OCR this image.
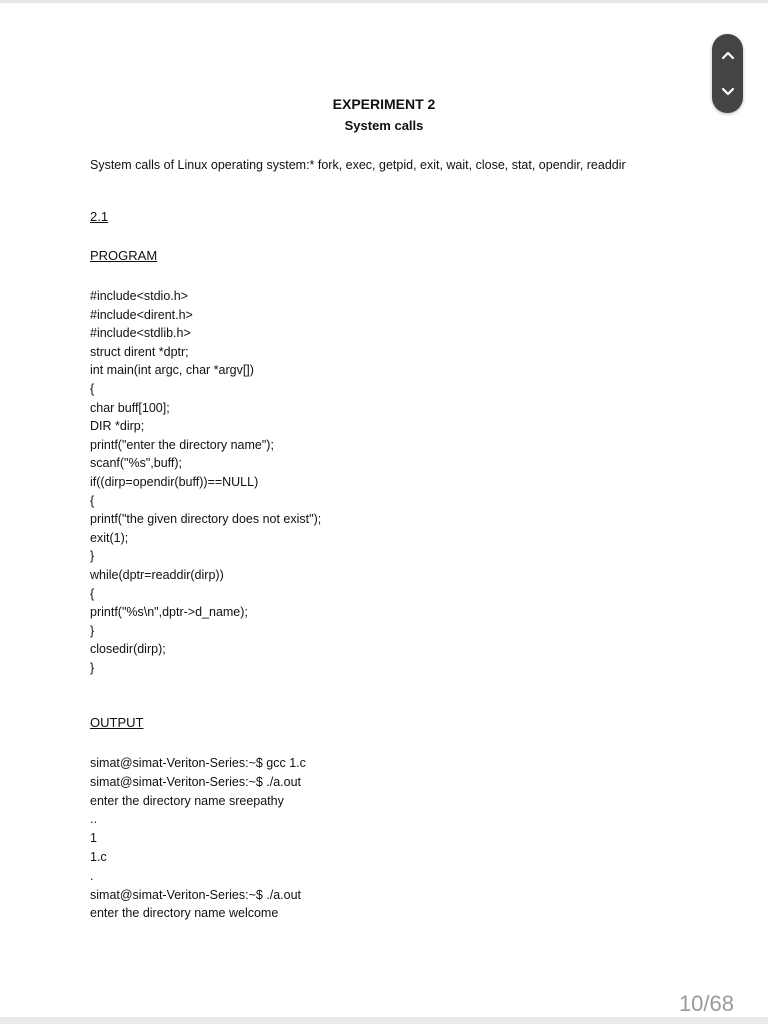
EXPERIMENT 2
System calls

System calls of Linux operating system:* fork, exec, getpid, exit, wait, close, stat, opendir, readdir

2.1

PROGRAM

#include<stdio.h>
#include<dirent.h>
#include<stdlib.h>
struct dirent *dptr;
int main(int argc, char *argv[])
{
char buff[100];
DIR *dirp;
printf("enter the directory name");
scanf("%s",buff);
if((dirp=opendir(buff))==NULL)
{
printf("the given directory does not exist");
exit(1);
}
while(dptr=readdir(dirp))
{
printf("%s\n",dptr->d_name);
}
closedir(dirp);
}

OUTPUT

simat@simat-Veriton-Series:~$ gcc 1.c
simat@simat-Veriton-Series:~$ ./a.out
enter the directory name sreepathy
..
1
1.c
.
simat@simat-Veriton-Series:~$ ./a.out
enter the directory name welcome
10/68
